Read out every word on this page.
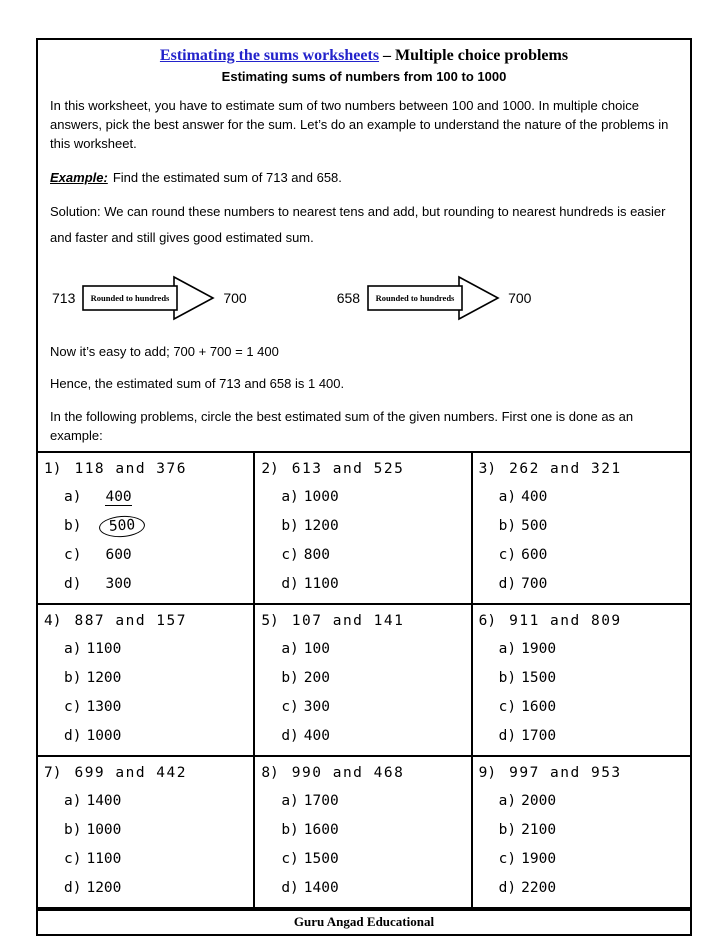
Estimating the sums worksheets – Multiple choice problems
Estimating sums of numbers from 100 to 1000

In this worksheet, you have to estimate sum of two numbers between 100 and 1000. In multiple choice answers, pick the best answer for the sum. Let’s do an example to understand the nature of the problems in this worksheet.

Example: Find the estimated sum of 713 and 658.

Solution: We can round these numbers to nearest tens and add, but rounding to nearest hundreds is easier and faster and still gives good estimated sum.

713 Rounded to hundreds	700	658 Rounded to hundreds	700

Now it’s easy to add; 700 + 700 = 1 400

Hence, the estimated sum of 713 and 658 is 1 400.

In the following problems, circle the best estimated sum of the given numbers. First one is done as an example:

1) 118 and 376
a) 400
b) 500
c) 600
d) 300
2) 613 and 525
a) 1000
b) 1200
c) 800
d) 1100
3) 262 and 321
a) 400
b) 500
c) 600
d) 700
4) 887 and 157
a) 1100
b) 1200
c) 1300
d) 1000
5) 107 and 141
a) 100
b) 200
c) 300
d) 400
6) 911 and 809
a) 1900
b) 1500
c) 1600
d) 1700
7) 699 and 442
a) 1400
b) 1000
c) 1100
d) 1200
8) 990 and 468
a) 1700
b) 1600
c) 1500
d) 1400
9) 997 and 953
a) 2000
b) 2100
c) 1900
d) 2200
Guru Angad Educational
